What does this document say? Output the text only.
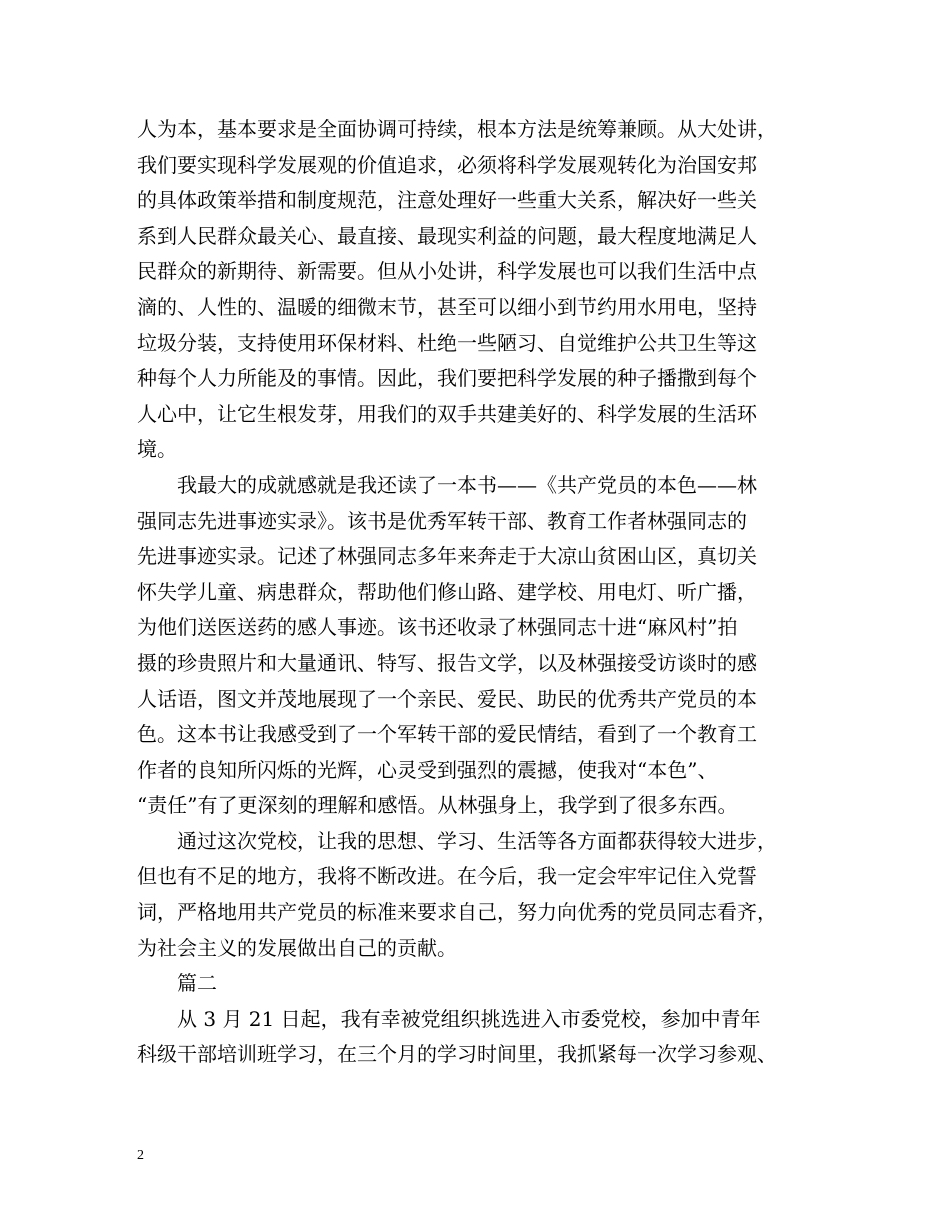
人为本，基本要求是全面协调可持续，根本方法是统筹兼顾。从大处讲，
我们要实现科学发展观的价值追求，必须将科学发展观转化为治国安邦
的具体政策举措和制度规范，注意处理好一些重大关系，解决好一些关
系到人民群众最关心、最直接、最现实利益的问题，最大程度地满足人
民群众的新期待、新需要。但从小处讲，科学发展也可以我们生活中点
滴的、人性的、温暖的细微末节，甚至可以细小到节约用水用电，坚持
垃圾分装，支持使用环保材料、杜绝一些陋习、自觉维护公共卫生等这
种每个人力所能及的事情。因此，我们要把科学发展的种子播撒到每个
人心中，让它生根发芽，用我们的双手共建美好的、科学发展的生活环
境。
　　我最大的成就感就是我还读了一本书——《共产党员的本色——林
强同志先进事迹实录》。该书是优秀军转干部、教育工作者林强同志的
先进事迹实录。记述了林强同志多年来奔走于大凉山贫困山区，真切关
怀失学儿童、病患群众，帮助他们修山路、建学校、用电灯、听广播，
为他们送医送药的感人事迹。该书还收录了林强同志十进“麻风村”拍
摄的珍贵照片和大量通讯、特写、报告文学，以及林强接受访谈时的感
人话语，图文并茂地展现了一个亲民、爱民、助民的优秀共产党员的本
色。这本书让我感受到了一个军转干部的爱民情结，看到了一个教育工
作者的良知所闪烁的光辉，心灵受到强烈的震撼，使我对“本色”、
“责任”有了更深刻的理解和感悟。从林强身上，我学到了很多东西。
　　通过这次党校，让我的思想、学习、生活等各方面都获得较大进步，
但也有不足的地方，我将不断改进。在今后，我一定会牢牢记住入党誓
词，严格地用共产党员的标准来要求自己，努力向优秀的党员同志看齐，
为社会主义的发展做出自己的贡献。
　　篇二
　　从 3 月 21 日起，我有幸被党组织挑选进入市委党校，参加中青年
科级干部培训班学习，在三个月的学习时间里，我抓紧每一次学习参观、
2
